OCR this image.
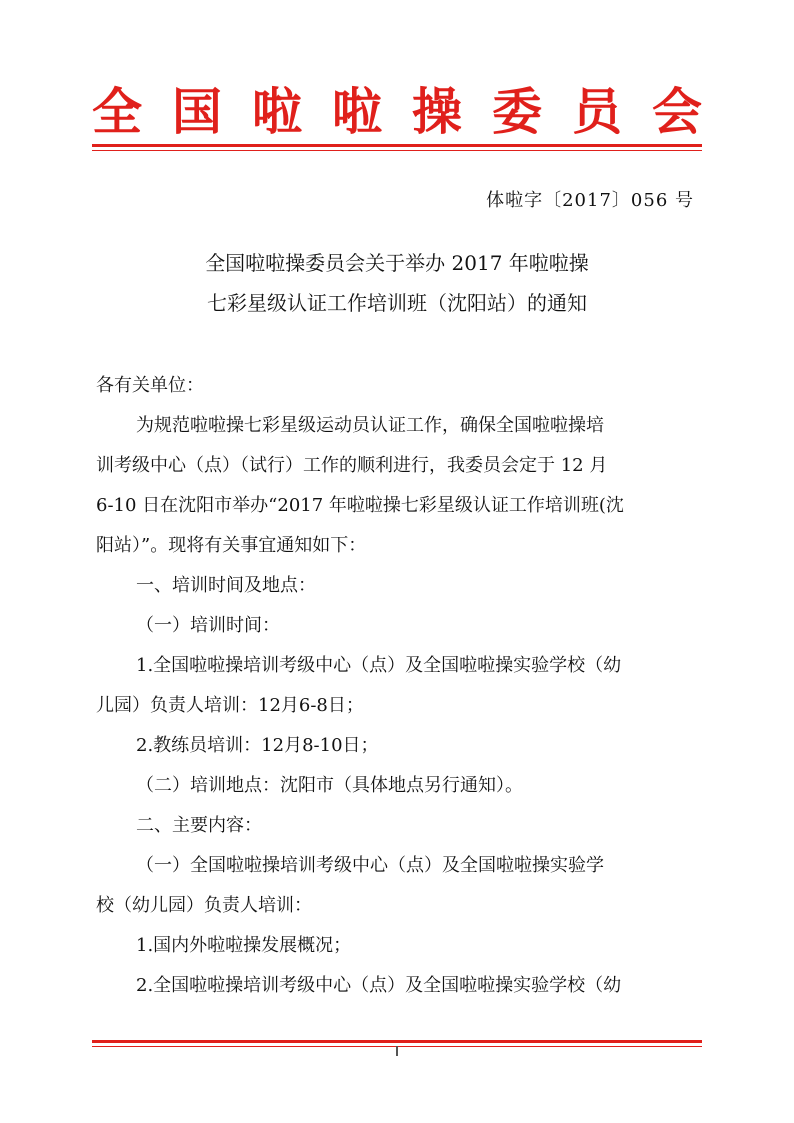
全 国 啦 啦 操 委 员 会
体啦字〔2017〕056 号
全国啦啦操委员会关于举办 2017 年啦啦操
七彩星级认证工作培训班（沈阳站）的通知
各有关单位：
为规范啦啦操七彩星级运动员认证工作，确保全国啦啦操培
训考级中心（点）（试行）工作的顺利进行，我委员会定于 12 月
6-10 日在沈阳市举办“2017 年啦啦操七彩星级认证工作培训班(沈
阳站）”。现将有关事宜通知如下：
一、培训时间及地点：
（一）培训时间：
1.全国啦啦操培训考级中心（点）及全国啦啦操实验学校（幼
儿园）负责人培训：12月6-8日；
2.教练员培训：12月8-10日；
（二）培训地点：沈阳市（具体地点另行通知）。
二、主要内容：
（一）全国啦啦操培训考级中心（点）及全国啦啦操实验学
校（幼儿园）负责人培训：
1.国内外啦啦操发展概况；
2.全国啦啦操培训考级中心（点）及全国啦啦操实验学校（幼
